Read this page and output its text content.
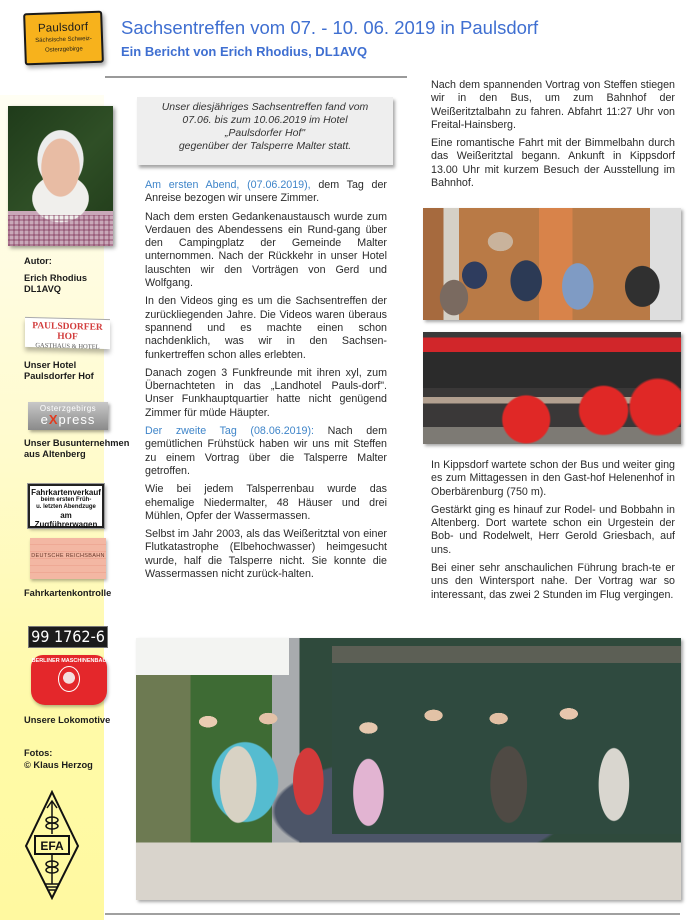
Paulsdorf
Sächsische Schweiz-
Osterzgebirge
Sachsentreffen vom 07. - 10. 06. 2019 in Paulsdorf
Ein Bericht von Erich Rhodius, DL1AVQ
Autor:
Erich Rhodius
DL1AVQ
PAULSDORFER HOF
GASTHAUS & HOTEL
Unser Hotel
Paulsdorfer Hof
Osterzgebirgs
eXpress
Unser Busunternehmen
aus Altenberg
Fahrkartenverkauf
beim ersten Früh-
u. letzten Abendzuge
am Zugführerwagen
DEUTSCHE REICHSBAHN
Fahrkartenkontrolle
99 1762-6
BERLINER MASCHINENBAU
Unsere Lokomotive
Fotos:
© Klaus Herzog
EFA
Unser diesjähriges Sachsentreffen fand vom
07.06. bis zum 10.06.2019 im Hotel
„Paulsdorfer Hof"
gegenüber der Talsperre Malter statt.

Am ersten Abend, (07.06.2019), dem Tag der Anreise bezogen wir unsere Zimmer.

Nach dem ersten Gedankenaustausch wurde zum Verdauen des Abendessens ein Rund-gang über den Campingplatz der Gemeinde Malter unternommen. Nach der Rückkehr in unser Hotel lauschten wir den Vorträgen von Gerd und Wolfgang.

In den Videos ging es um die Sachsentreffen der zurückliegenden Jahre. Die Videos waren überaus spannend und es machte einen schon nachdenklich, was wir in den Sachsen-funkertreffen schon alles erlebten.

Danach zogen 3 Funkfreunde mit ihren xyl, zum Übernachteten in das „Landhotel Pauls-dorf". Unser Funkhauptquartier hatte nicht genügend Zimmer für müde Häupter.

Der zweite Tag (08.06.2019): Nach dem gemütlichen Frühstück haben wir uns mit Steffen zu einem Vortrag über die Talsperre Malter getroffen.

Wie bei jedem Talsperrenbau wurde das ehemalige Niedermalter, 48 Häuser und drei Mühlen, Opfer der Wassermassen.

Selbst im Jahr 2003, als das Weißeritztal von einer Flutkatastrophe (Elbehochwasser) heimgesucht wurde, half die Talsperre nicht. Sie konnte die Wassermassen nicht zurück-halten.

Nach dem spannenden Vortrag von Steffen stiegen wir in den Bus, um zum Bahnhof der Weißeritztalbahn zu fahren. Abfahrt 11:27 Uhr von Freital-Hainsberg.

Eine romantische Fahrt mit der Bimmelbahn durch das Weißeritztal begann. Ankunft in Kippsdorf 13.00 Uhr mit kurzem Besuch der Ausstellung im Bahnhof.

In Kippsdorf wartete schon der Bus und weiter ging es zum Mittagessen in den Gast-hof Helenenhof in Oberbärenburg (750 m).

Gestärkt ging es hinauf zur Rodel- und Bobbahn in Altenberg. Dort wartete schon ein Urgestein der Bob- und Rodelwelt, Herr Gerold Griesbach, auf uns.

Bei einer sehr anschaulichen Führung brach-te er uns den Wintersport nahe. Der Vortrag war so interessant, das zwei 2 Stunden im Flug vergingen.
